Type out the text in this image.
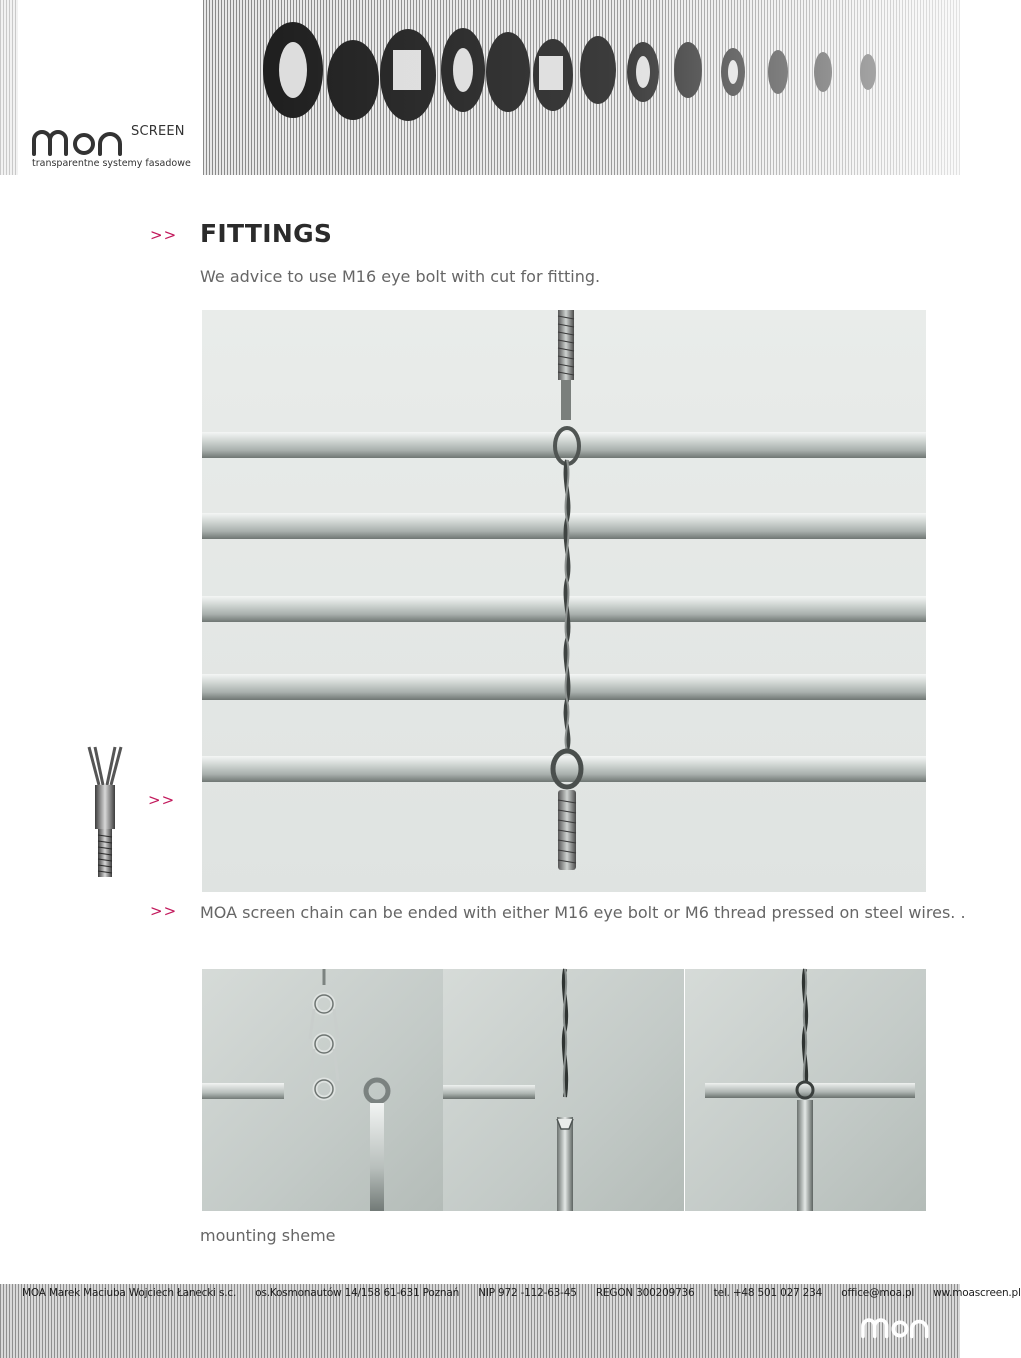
SCREEN
transparentne systemy fasadowe
>> FITTINGS
We advice to use M16 eye bolt with cut for fitting.
>>
>> MOA screen chain can be ended with either M16 eye bolt or M6 thread pressed on steel wires. .
mounting sheme
MOA Marek Maciuba Wojciech Łanecki s.c. os.Kosmonautów 14/158 61-631 Poznań NIP 972 -112-63-45 REGON 300209736 tel. +48 501 027 234 office@moa.pl ww.moascreen.pl
